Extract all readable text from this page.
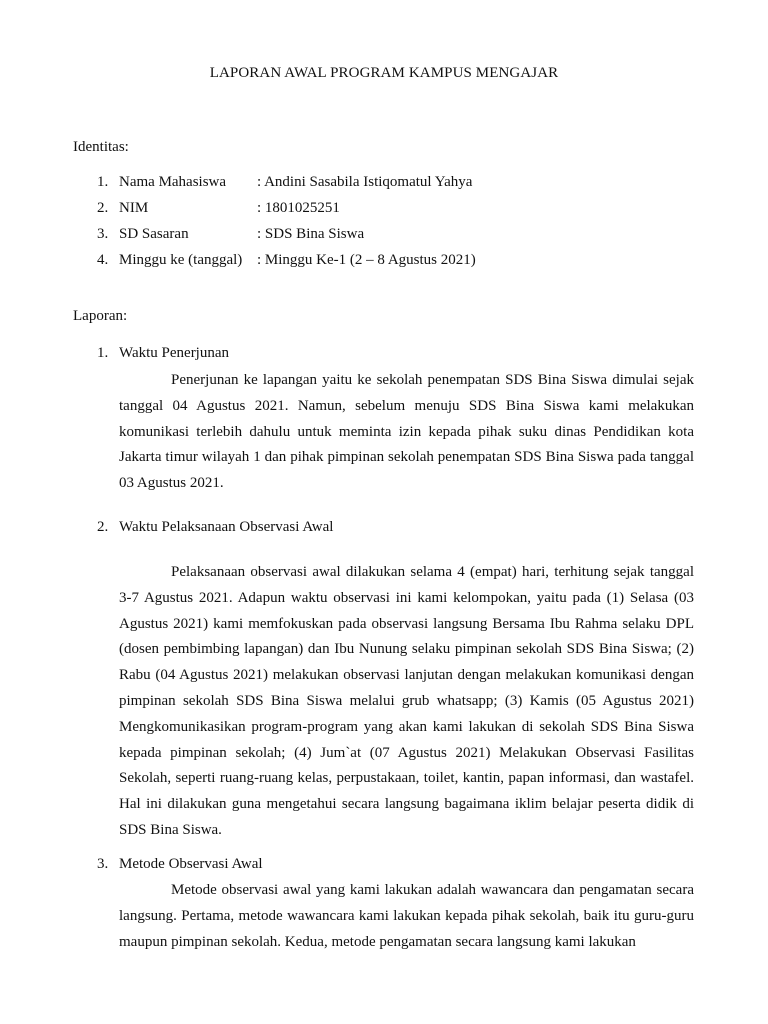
LAPORAN AWAL PROGRAM KAMPUS MENGAJAR
Identitas:
1. Nama Mahasiswa : Andini Sasabila Istiqomatul Yahya
2. NIM	: 1801025251
3. SD Sasaran	: SDS Bina Siswa
4. Minggu ke (tanggal) : Minggu Ke-1 (2 – 8 Agustus 2021)
Laporan:
1. Waktu Penerjunan

Penerjunan ke lapangan yaitu ke sekolah penempatan SDS Bina Siswa dimulai sejak tanggal 04 Agustus 2021. Namun, sebelum menuju SDS Bina Siswa kami melakukan komunikasi terlebih dahulu untuk meminta izin kepada pihak suku dinas Pendidikan kota Jakarta timur wilayah 1 dan pihak pimpinan sekolah penempatan SDS Bina Siswa pada tanggal 03 Agustus 2021.

2. Waktu Pelaksanaan Observasi Awal

Pelaksanaan observasi awal dilakukan selama 4 (empat) hari, terhitung sejak tanggal 3-7 Agustus 2021. Adapun waktu observasi ini kami kelompokan, yaitu pada (1) Selasa (03 Agustus 2021) kami memfokuskan pada observasi langsung Bersama Ibu Rahma selaku DPL (dosen pembimbing lapangan) dan Ibu Nunung selaku pimpinan sekolah SDS Bina Siswa; (2) Rabu (04 Agustus 2021) melakukan observasi lanjutan dengan melakukan komunikasi dengan pimpinan sekolah SDS Bina Siswa melalui grub whatsapp; (3) Kamis (05 Agustus 2021) Mengkomunikasikan program-program yang akan kami lakukan di sekolah SDS Bina Siswa kepada pimpinan sekolah; (4) Jum`at (07 Agustus 2021) Melakukan Observasi Fasilitas Sekolah, seperti ruang-ruang kelas, perpustakaan, toilet, kantin, papan informasi, dan wastafel. Hal ini dilakukan guna mengetahui secara langsung bagaimana iklim belajar peserta didik di SDS Bina Siswa.

3. Metode Observasi Awal

Metode observasi awal yang kami lakukan adalah wawancara dan pengamatan secara langsung. Pertama, metode wawancara kami lakukan kepada pihak sekolah, baik itu guru-guru maupun pimpinan sekolah. Kedua, metode pengamatan secara langsung kami lakukan
